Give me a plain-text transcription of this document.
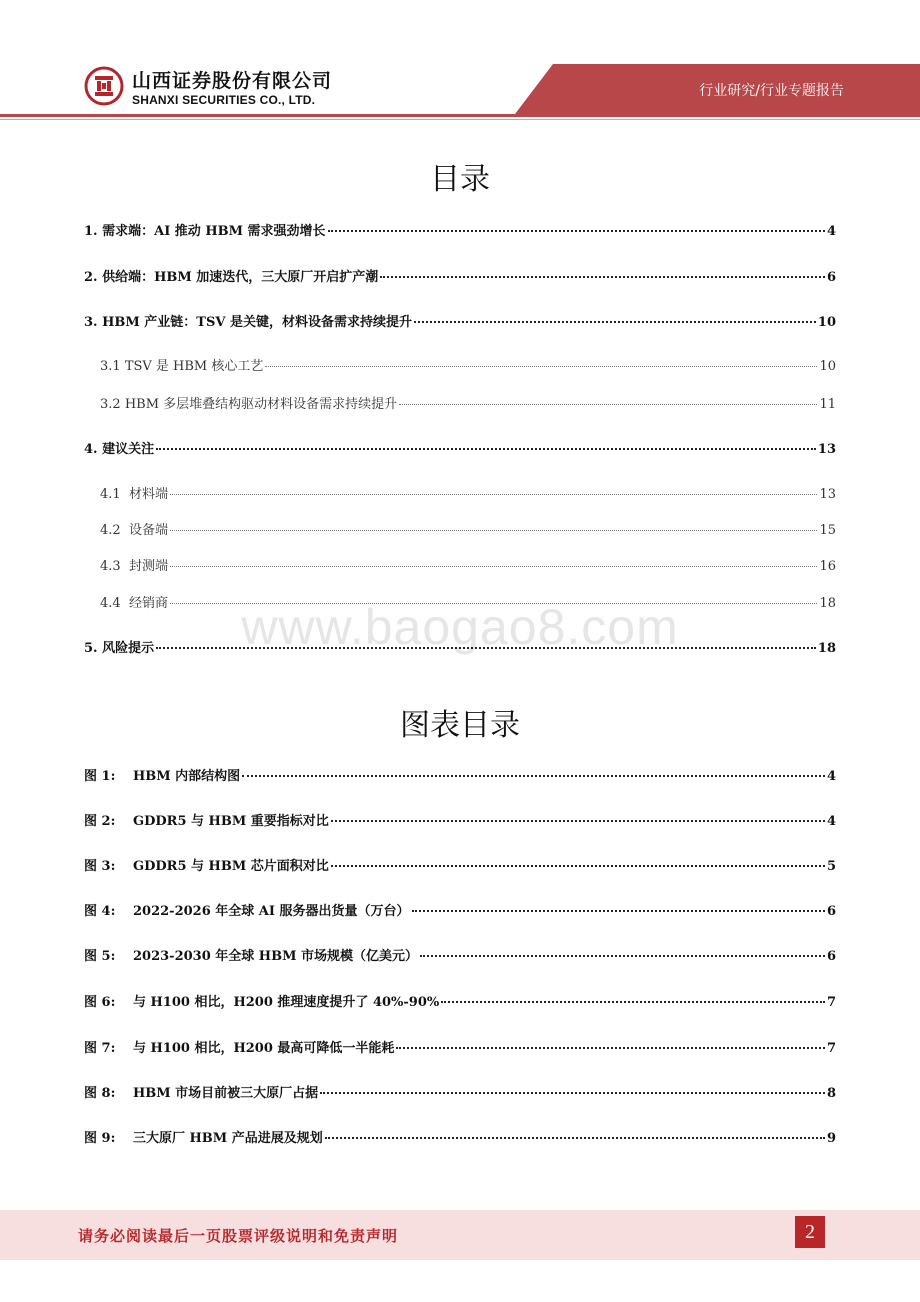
山西证券股份有限公司
SHANXI SECURITIES CO., LTD.
行业研究/行业专题报告
目录
1. 需求端：AI 推动 HBM 需求强劲增长	4
2. 供给端：HBM 加速迭代，三大原厂开启扩产潮	6
3. HBM 产业链：TSV 是关键，材料设备需求持续提升	10
3.1 TSV 是 HBM 核心工艺	10
3.2 HBM 多层堆叠结构驱动材料设备需求持续提升	11
4. 建议关注	13
4.1 材料端	13
4.2 设备端	15
4.3 封测端	16
4.4 经销商	18
www.baogao8.com
5. 风险提示	18
图表目录
图 1:	HBM 内部结构图	4
图 2:	GDDR5 与 HBM 重要指标对比	4
图 3:	GDDR5 与 HBM 芯片面积对比	5
图 4:	2022-2026 年全球 AI 服务器出货量（万台）	6
图 5:	2023-2030 年全球 HBM 市场规模（亿美元）	6
图 6:	与 H100 相比，H200 推理速度提升了 40%-90%	7
图 7:	与 H100 相比，H200 最高可降低一半能耗	7
图 8:	HBM 市场目前被三大原厂占据	8
图 9:	三大原厂 HBM 产品进展及规划	9
请务必阅读最后一页股票评级说明和免责声明	2
